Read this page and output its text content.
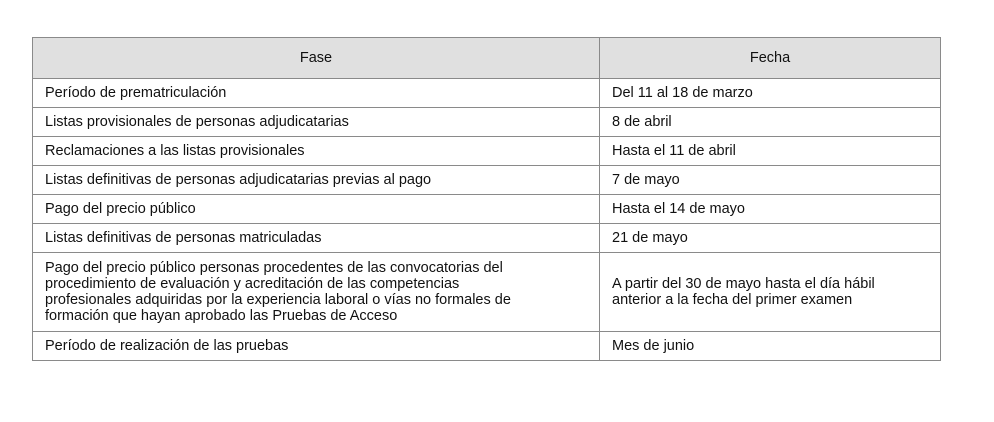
Fase	Fecha
Período de prematriculación	Del 11 al 18 de marzo
Listas provisionales de personas adjudicatarias	8 de abril
Reclamaciones a las listas provisionales	Hasta el 11 de abril
Listas definitivas de personas adjudicatarias previas al pago	7 de mayo
Pago del precio público	Hasta el 14 de mayo
Listas definitivas de personas matriculadas	21 de mayo

Pago del precio público personas procedentes de las convocatorias del
procedimiento de evaluación y acreditación de las competencias
profesionales adquiridas por la experiencia laboral o vías no formales de
formación que hayan aprobado las Pruebas de Acceso	A partir del 30 de mayo hasta el día hábil
anterior a la fecha del primer examen

Período de realización de las pruebas	Mes de junio
